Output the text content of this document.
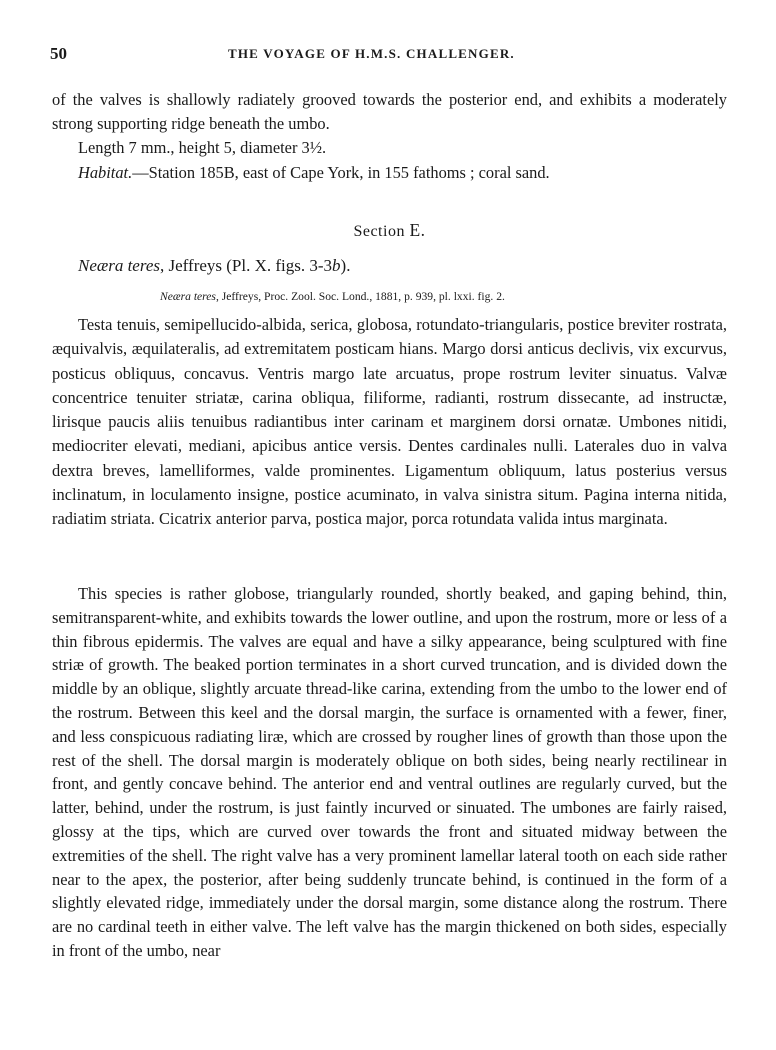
50	THE VOYAGE OF H.M.S. CHALLENGER.

of the valves is shallowly radiately grooved towards the posterior end, and exhibits a moderately strong supporting ridge beneath the umbo.

Length 7 mm., height 5, diameter 3½.

Habitat.—Station 185B, east of Cape York, in 155 fathoms ; coral sand.

Section E.
Neæra teres, Jeffreys (Pl. X. figs. 3-3b).
Neæra teres, Jeffreys, Proc. Zool. Soc. Lond., 1881, p. 939, pl. lxxi. fig. 2.

Testa tenuis, semipellucido-albida, serica, globosa, rotundato-triangularis, postice breviter rostrata, æquivalvis, æquilateralis, ad extremitatem posticam hians. Margo dorsi anticus declivis, vix excurvus, posticus obliquus, concavus. Ventris margo late arcuatus, prope rostrum leviter sinuatus. Valvæ concentrice tenuiter striatæ, carina obliqua, filiforme, radianti, rostrum dissecante, ad instructæ, lirisque paucis aliis tenuibus radiantibus inter carinam et marginem dorsi ornatæ. Umbones nitidi, mediocriter elevati, mediani, apicibus antice versis. Dentes cardinales nulli. Laterales duo in valva dextra breves, lamelliformes, valde prominentes. Ligamentum obliquum, latus posterius versus inclinatum, in loculamento insigne, postice acuminato, in valva sinistra situm. Pagina interna nitida, radiatim striata. Cicatrix anterior parva, postica major, porca rotundata valida intus marginata.

This species is rather globose, triangularly rounded, shortly beaked, and gaping behind, thin, semitransparent-white, and exhibits towards the lower outline, and upon the rostrum, more or less of a thin fibrous epidermis. The valves are equal and have a silky appearance, being sculptured with fine striæ of growth. The beaked portion terminates in a short curved truncation, and is divided down the middle by an oblique, slightly arcuate thread-like carina, extending from the umbo to the lower end of the rostrum. Between this keel and the dorsal margin, the surface is ornamented with a fewer, finer, and less conspicuous radiating liræ, which are crossed by rougher lines of growth than those upon the rest of the shell. The dorsal margin is moderately oblique on both sides, being nearly rectilinear in front, and gently concave behind. The anterior end and ventral outlines are regularly curved, but the latter, behind, under the rostrum, is just faintly incurved or sinuated. The umbones are fairly raised, glossy at the tips, which are curved over towards the front and situated midway between the extremities of the shell. The right valve has a very prominent lamellar lateral tooth on each side rather near to the apex, the posterior, after being suddenly truncate behind, is continued in the form of a slightly elevated ridge, immediately under the dorsal margin, some distance along the rostrum. There are no cardinal teeth in either valve. The left valve has the margin thickened on both sides, especially in front of the umbo, near
